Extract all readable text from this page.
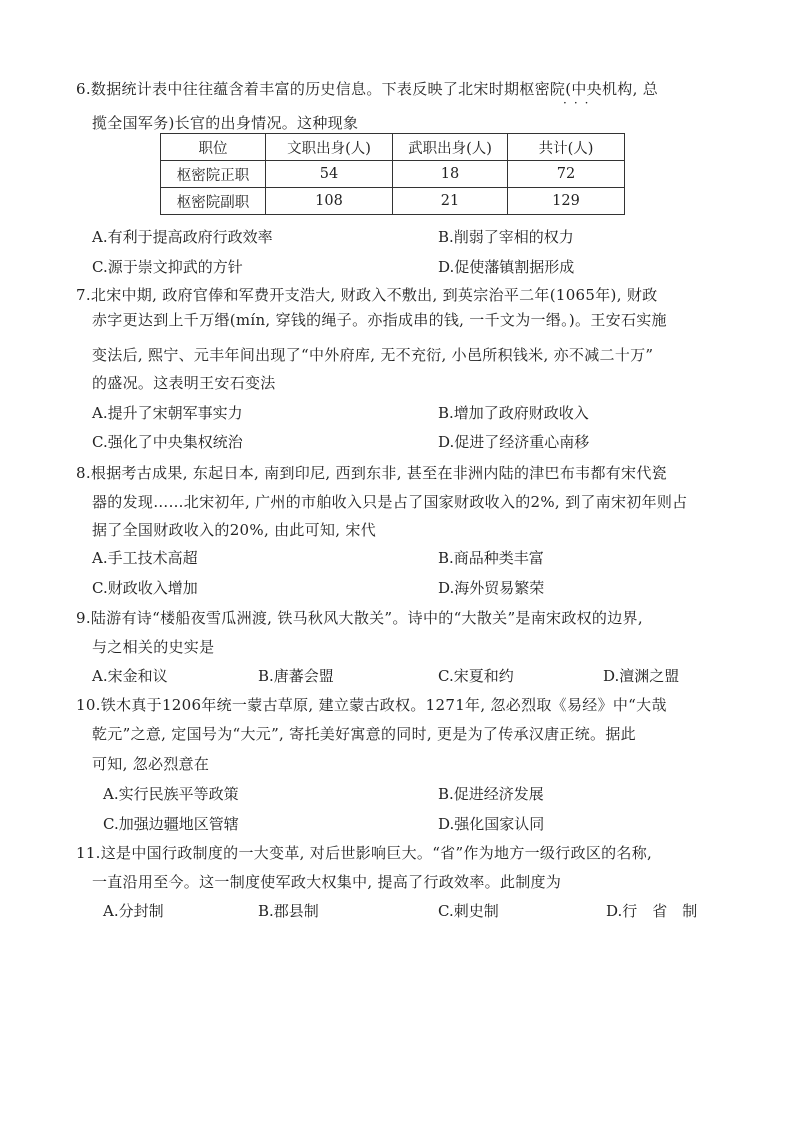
6.数据统计表中往往蕴含着丰富的历史信息。下表反映了北宋时期枢密院(中央机构, 总
···
揽全国军务)长官的出身情况。这种现象
职位	文职出身(人)	武职出身(人)	共计(人)
枢密院正职	54	18	72
枢密院副职	108	21	129
A.有利于提高政府行政效率	B.削弱了宰相的权力
C.源于崇文抑武的方针	D.促使藩镇割据形成
7.北宋中期, 政府官俸和军费开支浩大, 财政入不敷出, 到英宗治平二年(1065年), 财政
赤字更达到上千万缗(mín, 穿钱的绳子。亦指成串的钱, 一千文为一缗。)。王安石实施
变法后, 熙宁、元丰年间出现了“中外府库, 无不充衍, 小邑所积钱米, 亦不减二十万”
的盛况。这表明王安石变法
A.提升了宋朝军事实力	B.增加了政府财政收入
C.强化了中央集权统治	D.促进了经济重心南移
8.根据考古成果, 东起日本, 南到印尼, 西到东非, 甚至在非洲内陆的津巴布韦都有宋代瓷
器的发现……北宋初年, 广州的市舶收入只是占了国家财政收入的2%, 到了南宋初年则占
据了全国财政收入的20%, 由此可知, 宋代
A.手工技术高超	B.商品种类丰富
C.财政收入增加	D.海外贸易繁荣
9.陆游有诗“楼船夜雪瓜洲渡, 铁马秋风大散关”。诗中的“大散关”是南宋政权的边界,
与之相关的史实是
A.宋金和议	B.唐蕃会盟	C.宋夏和约	D.澶渊之盟
10.铁木真于1206年统一蒙古草原, 建立蒙古政权。1271年, 忽必烈取《易经》中“大哉
乾元”之意, 定国号为“大元”, 寄托美好寓意的同时, 更是为了传承汉唐正统。据此
可知, 忽必烈意在
A.实行民族平等政策	B.促进经济发展
C.加强边疆地区管辖	D.强化国家认同
11.这是中国行政制度的一大变革, 对后世影响巨大。“省”作为地方一级行政区的名称,
一直沿用至今。这一制度使军政大权集中, 提高了行政效率。此制度为
A.分封制	B.郡县制	C.刺史制	D.行　省　制
